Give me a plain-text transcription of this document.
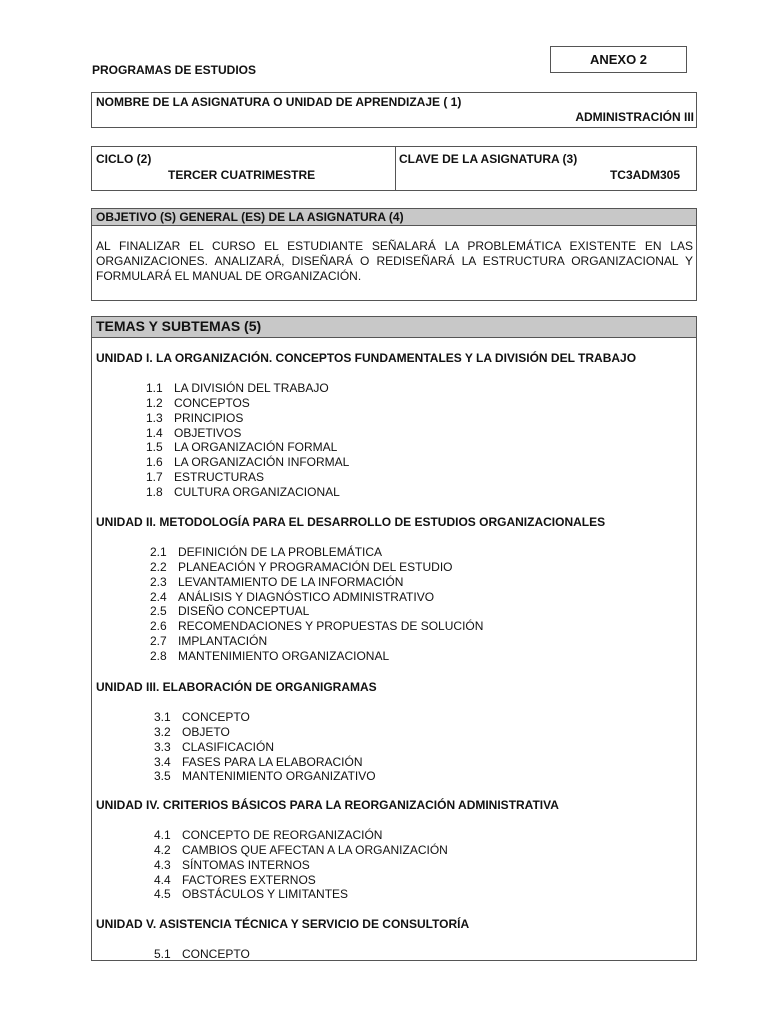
ANEXO 2
PROGRAMAS DE ESTUDIOS
NOMBRE DE LA ASIGNATURA O UNIDAD DE APRENDIZAJE ( 1)
ADMINISTRACIÓN III
CICLO (2)
TERCER CUATRIMESTRE
CLAVE DE LA ASIGNATURA (3)
TC3ADM305
OBJETIVO (S) GENERAL (ES) DE LA ASIGNATURA (4)
AL FINALIZAR EL CURSO EL ESTUDIANTE SEÑALARÁ LA PROBLEMÁTICA EXISTENTE EN LAS ORGANIZACIONES. ANALIZARÁ, DISEÑARÁ O REDISEÑARÁ LA ESTRUCTURA ORGANIZACIONAL Y FORMULARÁ EL MANUAL DE ORGANIZACIÓN.
TEMAS Y SUBTEMAS (5)
UNIDAD I. LA ORGANIZACIÓN. CONCEPTOS FUNDAMENTALES Y LA DIVISIÓN DEL TRABAJO
1.1 LA DIVISIÓN DEL TRABAJO
1.2 CONCEPTOS
1.3 PRINCIPIOS
1.4 OBJETIVOS
1.5 LA ORGANIZACIÓN FORMAL
1.6 LA ORGANIZACIÓN INFORMAL
1.7 ESTRUCTURAS
1.8 CULTURA ORGANIZACIONAL
UNIDAD II. METODOLOGÍA PARA EL DESARROLLO DE ESTUDIOS ORGANIZACIONALES
2.1 DEFINICIÓN DE LA PROBLEMÁTICA
2.2 PLANEACIÓN Y PROGRAMACIÓN DEL ESTUDIO
2.3 LEVANTAMIENTO DE LA INFORMACIÓN
2.4 ANÁLISIS Y DIAGNÓSTICO ADMINISTRATIVO
2.5 DISEÑO CONCEPTUAL
2.6 RECOMENDACIONES Y PROPUESTAS DE SOLUCIÓN
2.7 IMPLANTACIÓN
2.8 MANTENIMIENTO ORGANIZACIONAL
UNIDAD III. ELABORACIÓN DE ORGANIGRAMAS
3.1 CONCEPTO
3.2 OBJETO
3.3 CLASIFICACIÓN
3.4 FASES PARA LA ELABORACIÓN
3.5 MANTENIMIENTO ORGANIZATIVO
UNIDAD IV. CRITERIOS BÁSICOS PARA LA REORGANIZACIÓN ADMINISTRATIVA
4.1 CONCEPTO DE REORGANIZACIÓN
4.2 CAMBIOS QUE AFECTAN A LA ORGANIZACIÓN
4.3 SÍNTOMAS INTERNOS
4.4 FACTORES EXTERNOS
4.5 OBSTÁCULOS Y LIMITANTES
UNIDAD V. ASISTENCIA TÉCNICA Y SERVICIO DE CONSULTORÍA
5.1 CONCEPTO
